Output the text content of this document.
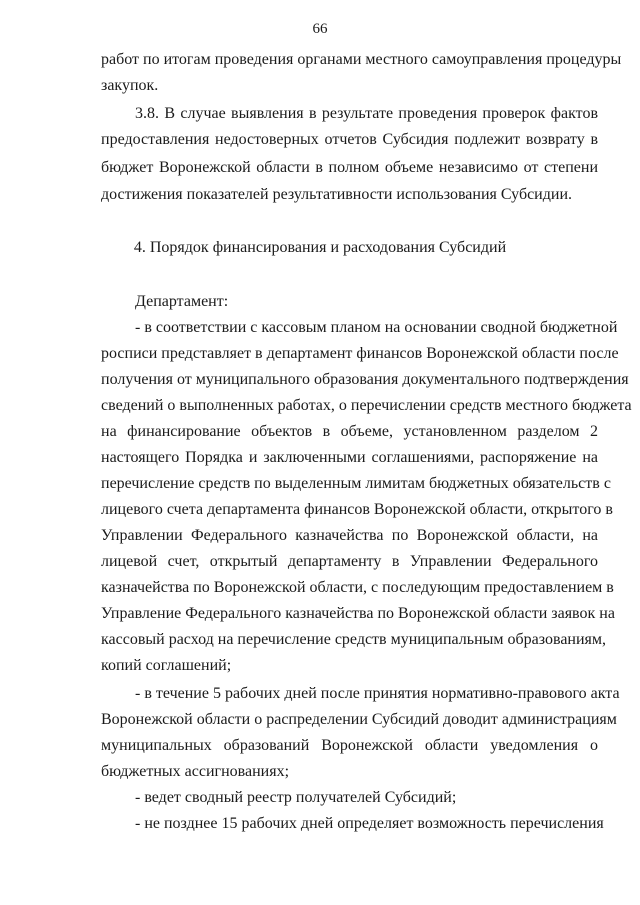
66
работ по итогам проведения органами местного самоуправления процедуры
закупок.
3.8. В случае выявления в результате проведения проверок фактов
предоставления недостоверных отчетов Субсидия подлежит возврату в
бюджет Воронежской области в полном объеме независимо от степени
достижения показателей результативности использования Субсидии.
4. Порядок финансирования и расходования Субсидий
Департамент:
- в соответствии с кассовым планом на основании сводной бюджетной
росписи представляет в департамент финансов Воронежской области после
получения от муниципального образования документального подтверждения
сведений о выполненных работах, о перечислении средств местного бюджета
на финансирование объектов в объеме, установленном разделом 2
настоящего Порядка и заключенными соглашениями, распоряжение на
перечисление средств по выделенным лимитам бюджетных обязательств с
лицевого счета департамента финансов Воронежской области, открытого в
Управлении Федерального казначейства по Воронежской области, на
лицевой счет, открытый департаменту в Управлении Федерального
казначейства по Воронежской области, с последующим предоставлением в
Управление Федерального казначейства по Воронежской области заявок на
кассовый расход на перечисление средств муниципальным образованиям,
копий соглашений;
- в течение 5 рабочих дней после принятия нормативно-правового акта
Воронежской области о распределении Субсидий доводит администрациям
муниципальных образований Воронежской области уведомления о
бюджетных ассигнованиях;
- ведет сводный реестр получателей Субсидий;
- не позднее 15 рабочих дней определяет возможность перечисления
